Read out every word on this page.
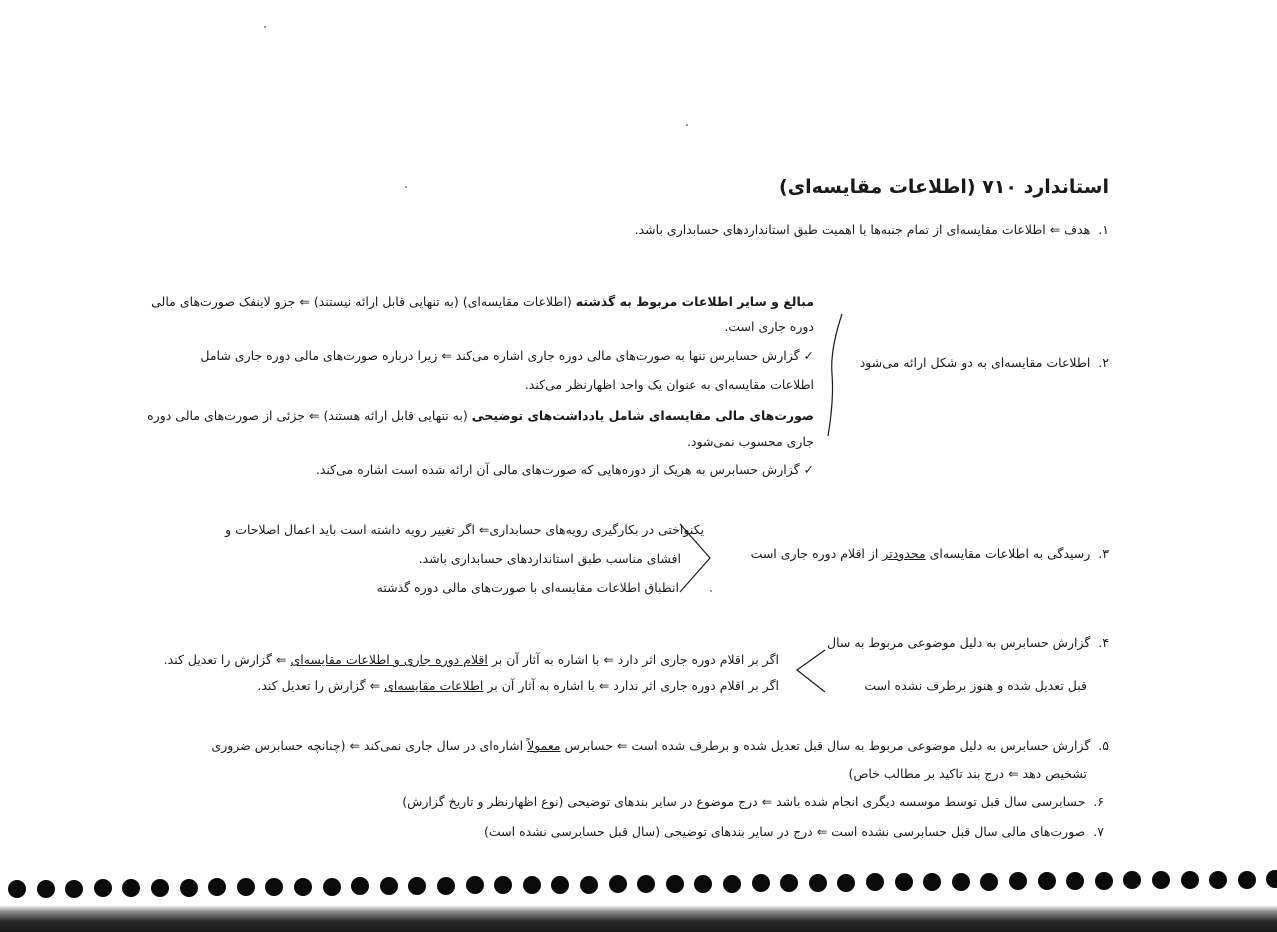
استاندارد ۷۱۰ (اطلاعات مقایسه‌ای)
۱.هدف ⇐ اطلاعات مقایسه‌ای از تمام جنبه‌ها با اهمیت طبق استانداردهای حسابداری باشد.
۲.اطلاعات مقایسه‌ای به دو شکل ارائه می‌شود
مبالغ و سایر اطلاعات مربوط به گذشته (اطلاعات مقایسه‌ای) (به تنهایی قابل ارائه نیستند) ⇐ جزو لاینفک صورت‌های مالی
دوره جاری است.
✓ گزارش حسابرس تنها به صورت‌های مالی دوره جاری اشاره می‌کند ⇐ زیرا درباره صورت‌های مالی دوره جاری شامل
اطلاعات مقایسه‌ای به عنوان یک واحد اظهارنظر می‌کند.
صورت‌های مالی مقایسه‌ای شامل یادداشت‌های توضیحی (به تنهایی قابل ارائه هستند) ⇐ جزئی از صورت‌های مالی دوره
جاری محسوب نمی‌شود.
✓ گزارش حسابرس به هریک از دوره‌هایی که صورت‌های مالی آن ارائه شده است اشاره می‌کند.
۳.رسیدگی به اطلاعات مقایسه‌ای محدودتر از اقلام دوره جاری است
یکنواختی در بکارگیری رویه‌های حسابداری⇐ اگر تغییر رویه داشته است باید اعمال اصلاحات و
افشای مناسب طبق استانداردهای حسابداری باشد.
انطباق اطلاعات مقایسه‌ای با صورت‌های مالی دوره گذشته
۴.گزارش حسابرس به دلیل موضوعی مربوط به سال
قبل تعدیل شده و هنوز برطرف نشده است
اگر بر اقلام دوره جاری اثر دارد ⇐ با اشاره به آثار آن بر اقلام دوره جاری و اطلاعات مقایسه‌ای ⇐ گزارش را تعدیل کند.
اگر بر اقلام دوره جاری اثر ندارد ⇐ با اشاره به آثار آن بر اطلاعات مقایسه‌ای ⇐ گزارش را تعدیل کند.
۵.گزارش حسابرس به دلیل موضوعی مربوط به سال قبل تعدیل شده و برطرف شده است ⇐ حسابرس معمولاً اشاره‌ای در سال جاری نمی‌کند ⇐ (چنانچه حسابرس ضروری
تشخیص دهد ⇐ درج بند تاکید بر مطالب خاص)
۶.حسابرسی سال قبل توسط موسسه دیگری انجام شده باشد ⇐ درج موضوع در سایر بندهای توضیحی (نوع اظهارنظر و تاریخ گزارش)
۷.صورت‌های مالی سال قبل حسابرسی نشده است ⇐ درج در سایر بندهای توضیحی (سال قبل حسابرسی نشده است)
